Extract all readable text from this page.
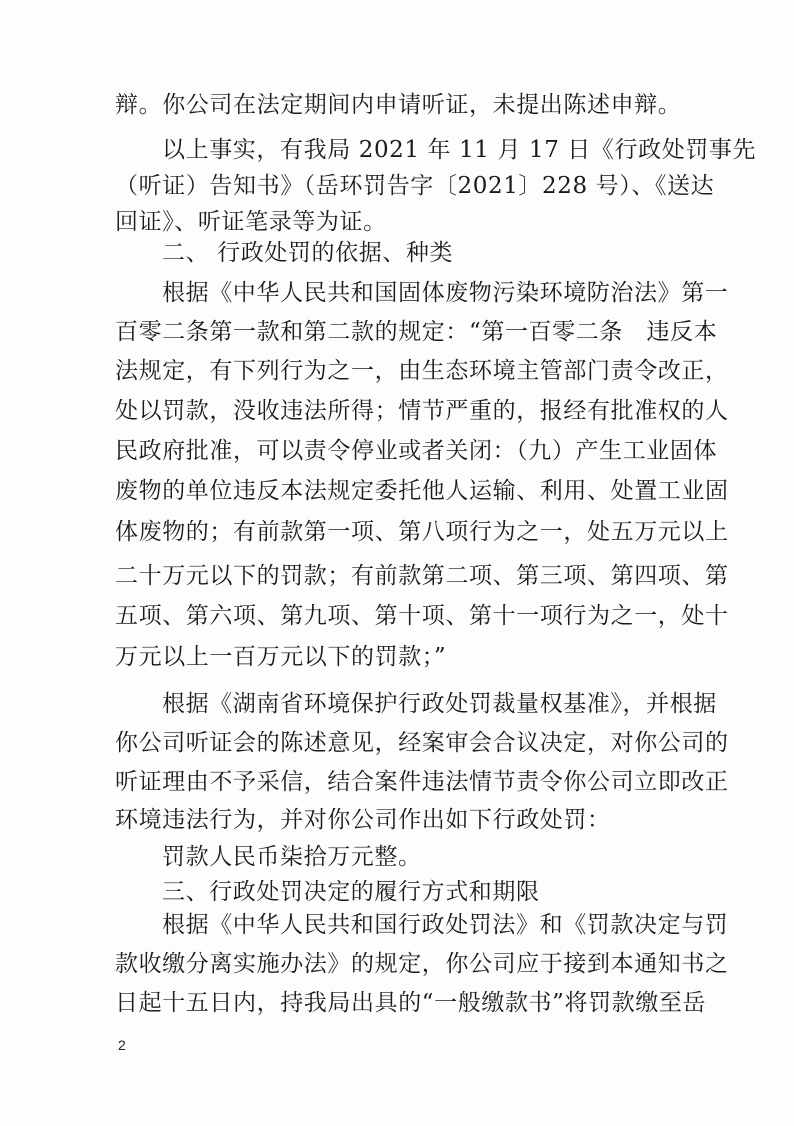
辩。你公司在法定期间内申请听证，未提出陈述申辩。
以上事实，有我局 2021 年 11 月 17 日《行政处罚事先
（听证）告知书》（岳环罚告字〔2021〕228 号）、《送达
回证》、听证笔录等为证。
二、 行政处罚的依据、种类
根据《中华人民共和国固体废物污染环境防治法》第一
百零二条第一款和第二款的规定：“第一百零二条　违反本
法规定，有下列行为之一，由生态环境主管部门责令改正，
处以罚款，没收违法所得；情节严重的，报经有批准权的人
民政府批准，可以责令停业或者关闭：（九）产生工业固体
废物的单位违反本法规定委托他人运输、利用、处置工业固
体废物的；有前款第一项、第八项行为之一，处五万元以上
二十万元以下的罚款；有前款第二项、第三项、第四项、第
五项、第六项、第九项、第十项、第十一项行为之一，处十
万元以上一百万元以下的罚款；”
根据《湖南省环境保护行政处罚裁量权基准》，并根据
你公司听证会的陈述意见，经案审会合议决定，对你公司的
听证理由不予采信，结合案件违法情节责令你公司立即改正
环境违法行为，并对你公司作出如下行政处罚：
罚款人民币柒拾万元整。
三、行政处罚决定的履行方式和期限
根据《中华人民共和国行政处罚法》和《罚款决定与罚
款收缴分离实施办法》的规定，你公司应于接到本通知书之
日起十五日内，持我局出具的“一般缴款书”将罚款缴至岳
2
